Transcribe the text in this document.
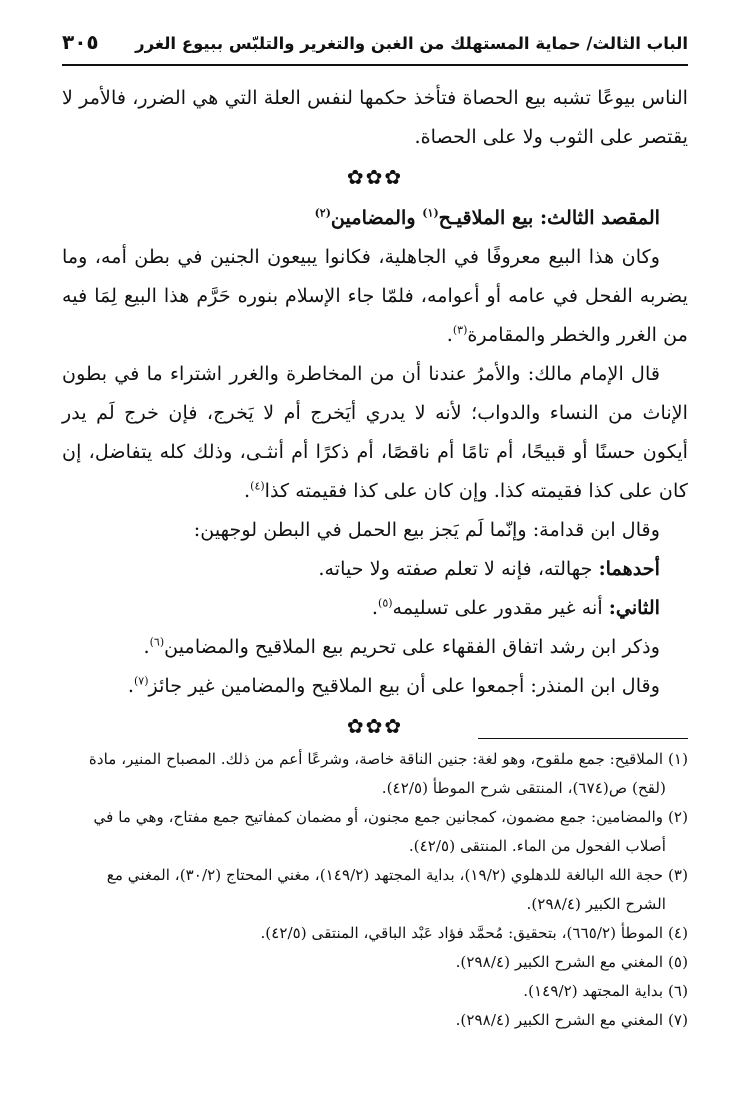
الباب الثالث/ حماية المستهلك من الغبن والتغرير والتلبّس ببيوع الغرر
٣٠٥

الناس بيوعًا تشبه بيع الحصاة فتأخذ حكمها لنفس العلة التي هي الضرر، فالأمر لا يقتصر على الثوب ولا على الحصاة.

✿✿✿

المقصد الثالث: بيع الملاقيـح$^{(١)}$ والمضامين$^{(٢)}$

وكان هذا البيع معروفًا في الجاهلية، فكانوا يبيعون الجنين في بطن أمه، وما يضربه الفحل في عامه أو أعوامه، فلمّا جاء الإسلام بنوره حَرَّم هذا البيع لِمَا فيه من الغرر والخطر والمقامرة$^{(٣)}$.

قال الإمام مالك: والأمرُ عندنا أن من المخاطرة والغرر اشتراء ما في بطون الإناث من النساء والدواب؛ لأنه لا يدري أيَخرج أم لا يَخرج، فإن خرج لَم يدر أيكون حسنًا أو قبيحًا، أم تامًا أم ناقصًا، أم ذكرًا أم أنثـى، وذلك كله يتفاضل، إن كان على كذا فقيمته كذا. وإن كان على كذا فقيمته كذا$^{(٤)}$.

وقال ابن قدامة: وإنّما لَم يَجز بيع الحمل في البطن لوجهين:

أحدهما: جهالته، فإنه لا تعلم صفته ولا حياته.

الثاني: أنه غير مقدور على تسليمه$^{(٥)}$.

وذكر ابن رشد اتفاق الفقهاء على تحريم بيع الملاقيح والمضامين$^{(٦)}$.

وقال ابن المنذر: أجمعوا على أن بيع الملاقيح والمضامين غير جائز$^{(٧)}$.

✿✿✿

(١) الملاقيح: جمع ملقوح، وهو لغة: جنين الناقة خاصة، وشرعًا أعم من ذلك. المصباح المنير، مادة

(لقح) ص(٦٧٤)، المنتقى شرح الموطأ (٤٢/٥).

(٢) والمضامين: جمع مضمون، كمجانين جمع مجنون، أو مضمان كمفاتيح جمع مفتاح، وهي ما في

أصلاب الفحول من الماء. المنتقى (٤٢/٥).

(٣) حجة الله البالغة للدهلوي (١٩/٢)، بداية المجتهد (١٤٩/٢)، مغني المحتاج (٣٠/٢)، المغني مع

الشرح الكبير (٢٩٨/٤).

(٤) الموطأ (٦٦٥/٢)، بتحقيق: مُحمَّد فؤاد عَبْد الباقي، المنتقى (٤٢/٥).

(٥) المغني مع الشرح الكبير (٢٩٨/٤).

(٦) بداية المجتهد (١٤٩/٢).

(٧) المغني مع الشرح الكبير (٢٩٨/٤).
